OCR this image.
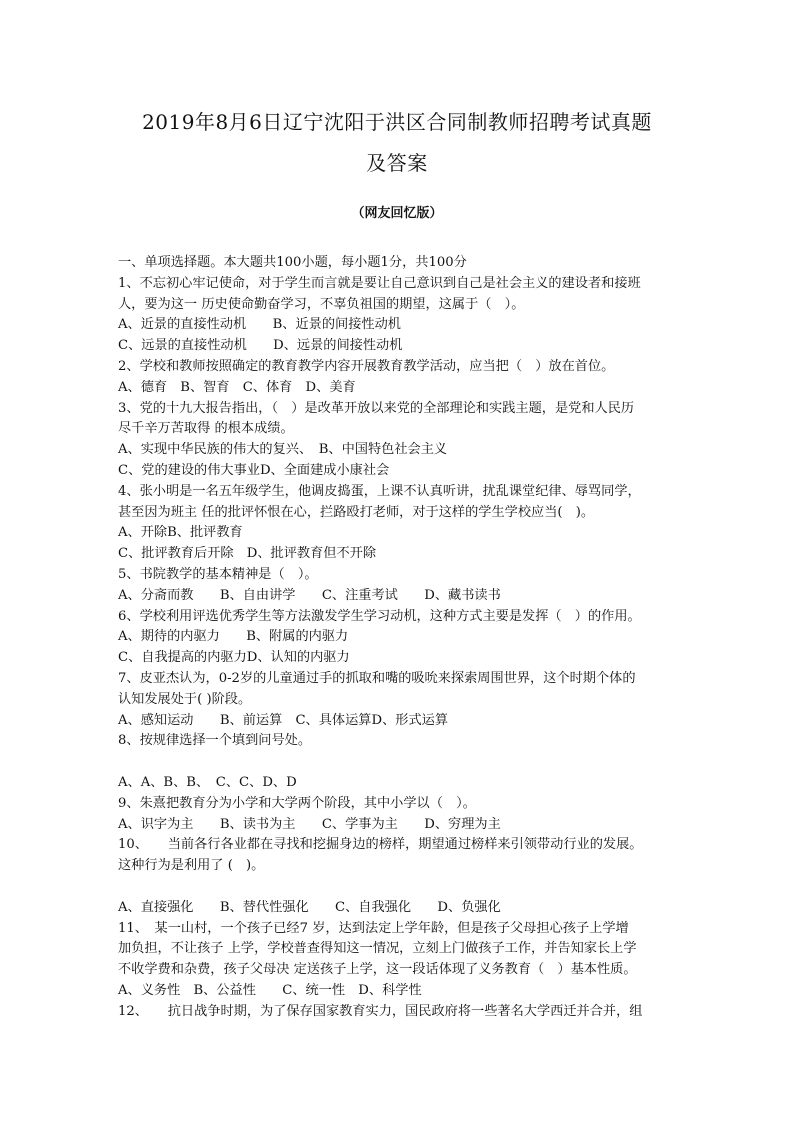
2019年8月6日辽宁沈阳于洪区合同制教师招聘考试真题
及答案
（网友回忆版）
一、单项选择题。本大题共100小题，每小题1分，共100分
1、不忘初心牢记使命，对于学生而言就是要让自己意识到自己是社会主义的建设者和接班
人，要为这一 历史使命勤奋学习，不辜负祖国的期望，这属于（　）。
A、近景的直接性动机　　B、近景的间接性动机
C、远景的直接性动机　　D、远景的间接性动机
2、学校和教师按照确定的教育教学内容开展教育教学活动，应当把（　）放在首位。
A、德育　B、智育　C、体育　D、美育
3、党的十九大报告指出，（　）是改革开放以来党的全部理论和实践主题，是党和人民历
尽千辛万苦取得 的根本成绩。
A、实现中华民族的伟大的复兴、　B、中国特色社会主义
C、党的建设的伟大事业D、全面建成小康社会
4、张小明是一名五年级学生，他调皮捣蛋，上课不认真听讲，扰乱课堂纪律、辱骂同学，
甚至因为班主 任的批评怀恨在心，拦路殴打老师，对于这样的学生学校应当(　)。
A、开除B、批评教育
C、批评教育后开除　D、批评教育但不开除
5、书院教学的基本精神是（　）。
A、分斋而教　　B、自由讲学　　C、注重考试　　D、藏书读书
6、学校利用评选优秀学生等方法激发学生学习动机，这种方式主要是发挥（　）的作用。
A、期待的内驱力　　B、附属的内驱力
C、自我提高的内驱力D、认知的内驱力
7、皮亚杰认为，0-2岁的儿童通过手的抓取和嘴的吸吮来探索周围世界，这个时期个体的
认知发展处于( )阶段。
A、感知运动　　B、前运算　C、具体运算D、形式运算
8、按规律选择一个填到问号处。
A、A、B、B、　C、C、D、D
9、朱熹把教育分为小学和大学两个阶段，其中小学以（　）。
A、识字为主　　B、读书为主　　C、学事为主　　D、穷理为主
10、　　当前各行各业都在寻找和挖掘身边的榜样，期望通过榜样来引领带动行业的发展。
这种行为是利用了 (　)。
A、直接强化　　B、替代性强化　　C、自我强化　　D、负强化
11、　某一山村，一个孩子已经7 岁，达到法定上学年龄，但是孩子父母担心孩子上学增
加负担，不让孩子 上学，学校普查得知这一情况，立刻上门做孩子工作，并告知家长上学
不收学费和杂费，孩子父母决 定送孩子上学，这一段话体现了义务教育（　）基本性质。
A、义务性　B、公益性　　C、统一性　D、科学性
12、　　抗日战争时期，为了保存国家教育实力，国民政府将一些著名大学西迁并合并，组
